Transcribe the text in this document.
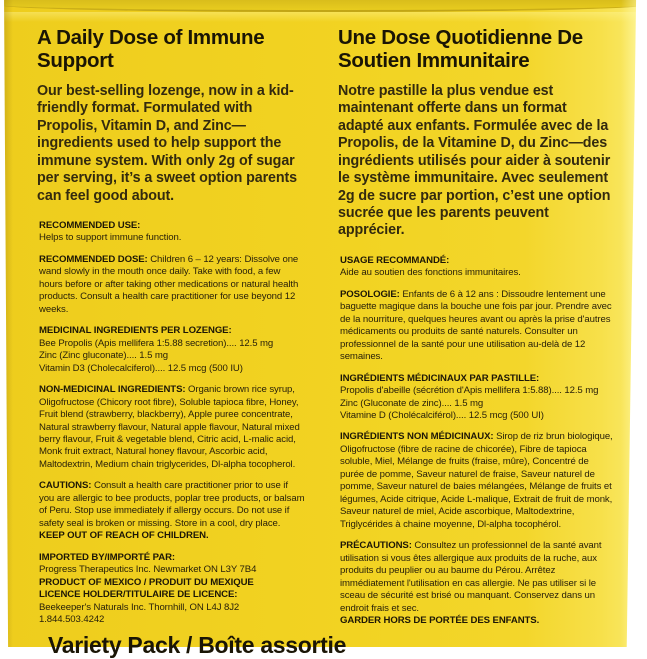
A Daily Dose of Immune Support

Our best-selling lozenge, now in a kid-friendly format. Formulated with Propolis, Vitamin D, and Zinc—ingredients used to help support the immune system. With only 2g of sugar per serving, it’s a sweet option parents can feel good about.

RECOMMENDED USE:
Helps to support immune function.

RECOMMENDED DOSE: Children 6 – 12 years: Dissolve one wand slowly in the mouth once daily. Take with food, a few hours before or after taking other medications or natural health products. Consult a health care practitioner for use beyond 12 weeks.

MEDICINAL INGREDIENTS PER LOZENGE:
Bee Propolis (Apis mellifera 1:5.88 secretion).... 12.5 mg
Zinc (Zinc gluconate).... 1.5 mg
Vitamin D3 (Cholecalciferol).... 12.5 mcg (500 IU)

NON-MEDICINAL INGREDIENTS: Organic brown rice syrup, Oligofructose (Chicory root fibre), Soluble tapioca fibre, Honey, Fruit blend (strawberry, blackberry), Apple puree concentrate, Natural strawberry flavour, Natural apple flavour, Natural mixed berry flavour, Fruit & vegetable blend, Citric acid, L-malic acid, Monk fruit extract, Natural honey flavour, Ascorbic acid, Maltodextrin, Medium chain triglycerides, Dl-alpha tocopherol.

CAUTIONS: Consult a health care practitioner prior to use if you are allergic to bee products, poplar tree products, or balsam of Peru. Stop use immediately if allergy occurs. Do not use if safety seal is broken or missing. Store in a cool, dry place.
KEEP OUT OF REACH OF CHILDREN.

IMPORTED BY/IMPORTÉ PAR:
Progress Therapeutics Inc. Newmarket ON L3Y 7B4
PRODUCT OF MEXICO / PRODUIT DU MEXIQUE
LICENCE HOLDER/TITULAIRE DE LICENCE:
Beekeeper's Naturals Inc. Thornhill, ON L4J 8J2 1.844.503.4242

Une Dose Quotidienne De Soutien Immunitaire

Notre pastille la plus vendue est maintenant offerte dans un format adapté aux enfants. Formulée avec de la Propolis, de la Vitamine D, du Zinc—des ingrédients utilisés pour aider à soutenir le système immunitaire. Avec seulement 2g de sucre par portion, c’est une option sucrée que les parents peuvent apprécier.

USAGE RECOMMANDÉ:
Aide au soutien des fonctions immunitaires.

POSOLOGIE: Enfants de 6 à 12 ans : Dissoudre lentement une baguette magique dans la bouche une fois par jour. Prendre avec de la nourriture, quelques heures avant ou après la prise d'autres médicaments ou produits de santé naturels. Consulter un professionnel de la santé pour une utilisation au-delà de 12 semaines.

INGRÉDIENTS MÉDICINAUX PAR PASTILLE:
Propolis d'abeille (sécrétion d'Apis mellifera 1:5.88).... 12.5 mg
Zinc (Gluconate de zinc).... 1.5 mg
Vitamine D (Cholécalciférol).... 12.5 mcg (500 UI)

INGRÉDIENTS NON MÉDICINAUX: Sirop de riz brun biologique, Oligofructose (fibre de racine de chicorée), Fibre de tapioca soluble, Miel, Mélange de fruits (fraise, mûre), Concentré de purée de pomme, Saveur naturel de fraise, Saveur naturel de pomme, Saveur naturel de baies mélangées, Mélange de fruits et légumes, Acide citrique, Acide L-malique, Extrait de fruit de monk, Saveur naturel de miel, Acide ascorbique, Maltodextrine, Triglycérides à chaine moyenne, Dl-alpha tocophérol.

PRÉCAUTIONS: Consultez un professionnel de la santé avant utilisation si vous êtes allergique aux produits de la ruche, aux produits du peuplier ou au baume du Pérou. Arrêtez immédiatement l'utilisation en cas allergie. Ne pas utiliser si le sceau de sécurité est brisé ou manquant. Conservez dans un endroit frais et sec.
GARDER HORS DE PORTÉE DES ENFANTS.

Variety Pack / Boîte assortie
